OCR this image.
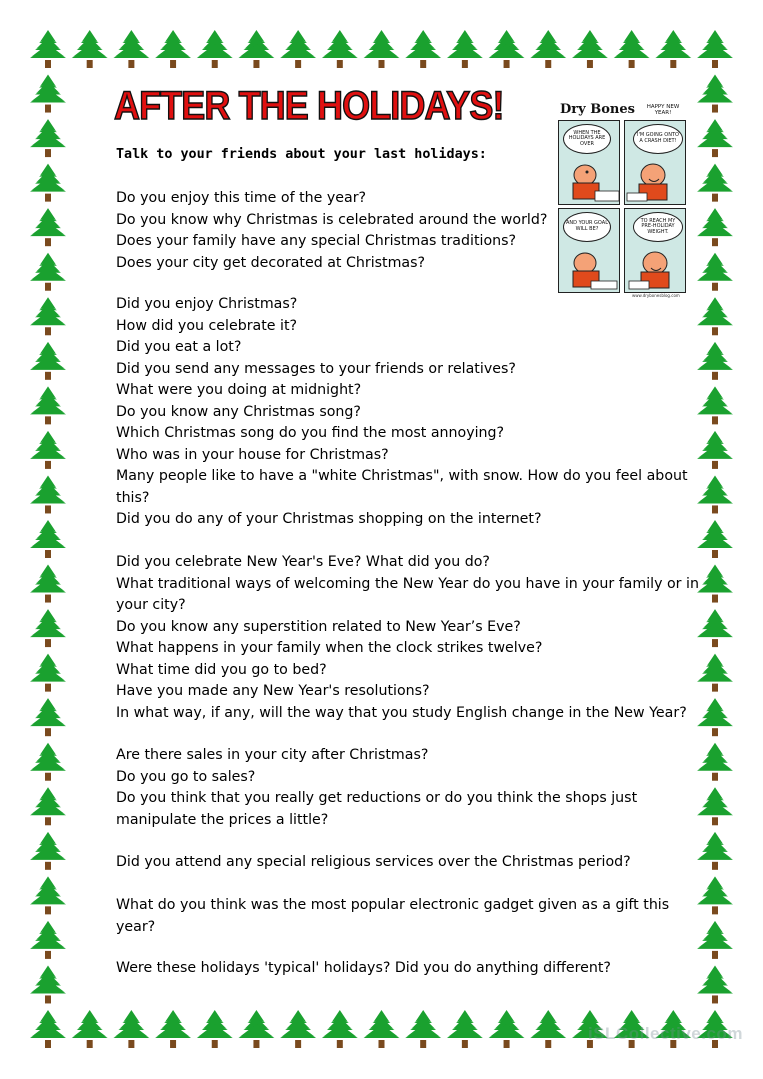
AFTER THE HOLIDAYS!
Talk to your friends about your last holidays:
Do you enjoy this time of the year?
Do you know why Christmas is celebrated around the world?
Does your family have any special Christmas traditions?
Does your city get decorated at Christmas?
Did you enjoy Christmas?
How did you celebrate it?
Did you eat a lot?
Did you send any messages to your friends or relatives?
What were you doing at midnight?
Do you know any Christmas song?
Which Christmas song do you find the most annoying?
Who was in your house for Christmas?
Many people like to have a "white Christmas", with snow. How do you feel about this?
Did you do any of your Christmas shopping on the internet?
Did you celebrate New Year's Eve? What did you do?
What traditional ways of welcoming the New Year do you have in your family or in your city?
Do you know any superstition related to New Year’s Eve?
What happens in your family when the clock strikes twelve?
What time did you go to bed?
Have you made any New Year's resolutions?
In what way, if any, will the way that you study English change in the New Year?
Are there sales in your city after Christmas?
Do you go to sales?
Do you think that you really get reductions or do you think the shops just manipulate the prices a little?
Did you attend any special religious services over the Christmas period?
What do you think was the most popular electronic gadget given as a gift this year?
Were these holidays 'typical' holidays? Did you do anything different?
Dry Bones	HAPPY NEW YEAR!
WHEN THE HOLIDAYS ARE OVER
I'M GOING ONTO A CRASH DIET!
AND YOUR GOAL WILL BE?
TO REACH MY PRE-HOLIDAY WEIGHT.
www.drybonesblog.com
iSLCollective.com
